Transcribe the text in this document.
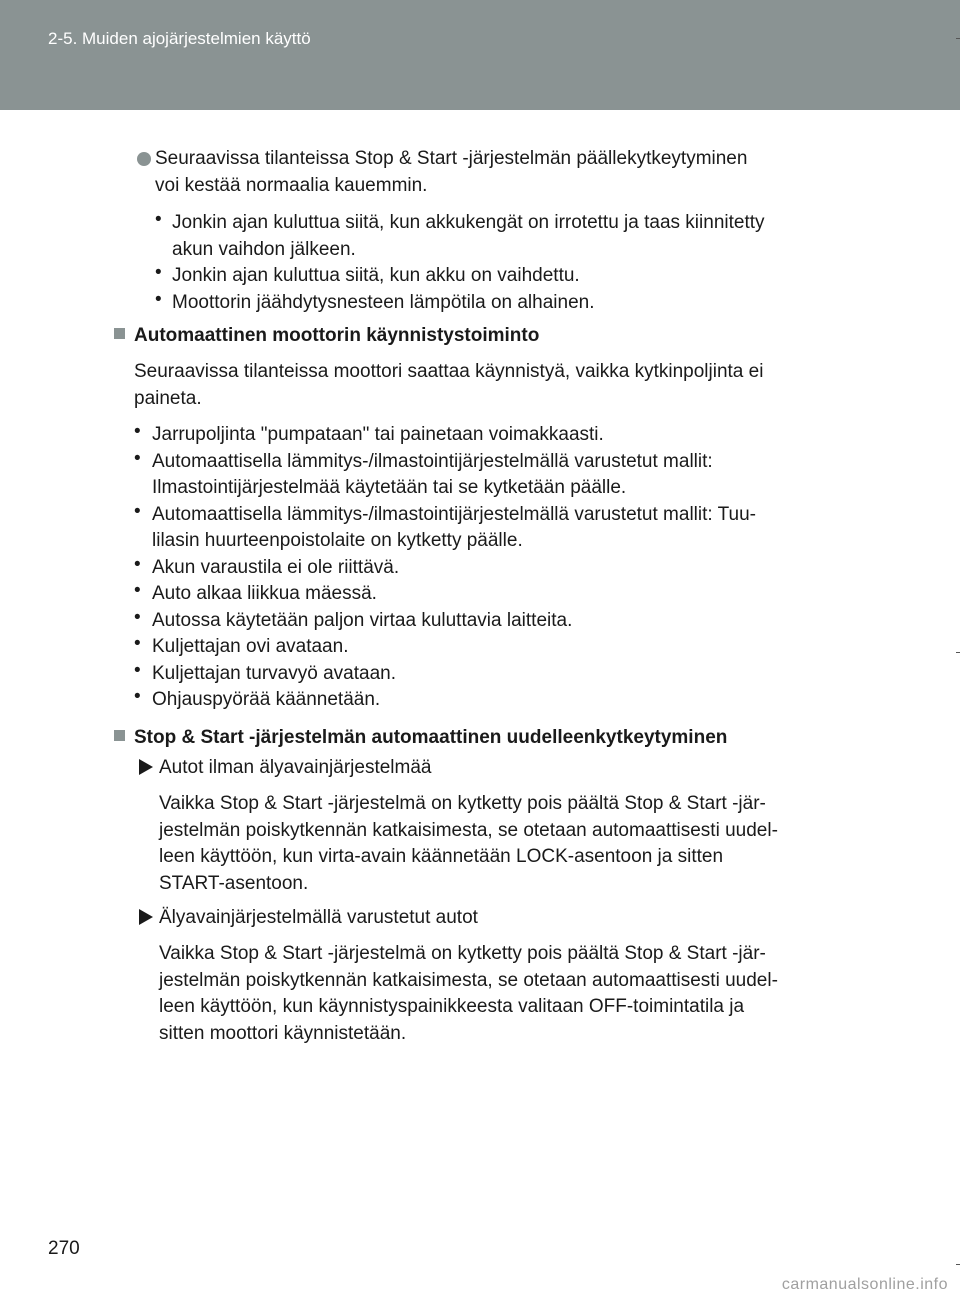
2-5. Muiden ajojärjestelmien käyttö
Seuraavissa tilanteissa Stop & Start -järjestelmän päällekytkeytyminen
voi kestää normaalia kauemmin.
• Jonkin ajan kuluttua siitä, kun akkukengät on irrotettu ja taas kiinnitetty
akun vaihdon jälkeen.
• Jonkin ajan kuluttua siitä, kun akku on vaihdettu.
• Moottorin jäähdytysnesteen lämpötila on alhainen.
Automaattinen moottorin käynnistystoiminto
Seuraavissa tilanteissa moottori saattaa käynnistyä, vaikka kytkinpoljinta ei
paineta.
• Jarrupoljinta "pumpataan" tai painetaan voimakkaasti.
• Automaattisella lämmitys-/ilmastointijärjestelmällä varustetut mallit:
Ilmastointijärjestelmää käytetään tai se kytketään päälle.
• Automaattisella lämmitys-/ilmastointijärjestelmällä varustetut mallit: Tuu-
lilasin huurteenpoistolaite on kytketty päälle.
• Akun varaustila ei ole riittävä.
• Auto alkaa liikkua mäessä.
• Autossa käytetään paljon virtaa kuluttavia laitteita.
• Kuljettajan ovi avataan.
• Kuljettajan turvavyö avataan.
• Ohjauspyörää käännetään.
Stop & Start -järjestelmän automaattinen uudelleenkytkeytyminen
Autot ilman älyavainjärjestelmää
Vaikka Stop & Start -järjestelmä on kytketty pois päältä Stop & Start -jär-
jestelmän poiskytkennän katkaisimesta, se otetaan automaattisesti uudel-
leen käyttöön, kun virta-avain käännetään LOCK-asentoon ja sitten
START-asentoon.
Älyavainjärjestelmällä varustetut autot
Vaikka Stop & Start -järjestelmä on kytketty pois päältä Stop & Start -jär-
jestelmän poiskytkennän katkaisimesta, se otetaan automaattisesti uudel-
leen käyttöön, kun käynnistyspainikkeesta valitaan OFF-toimintatila ja
sitten moottori käynnistetään.
270
carmanualsonline.info
